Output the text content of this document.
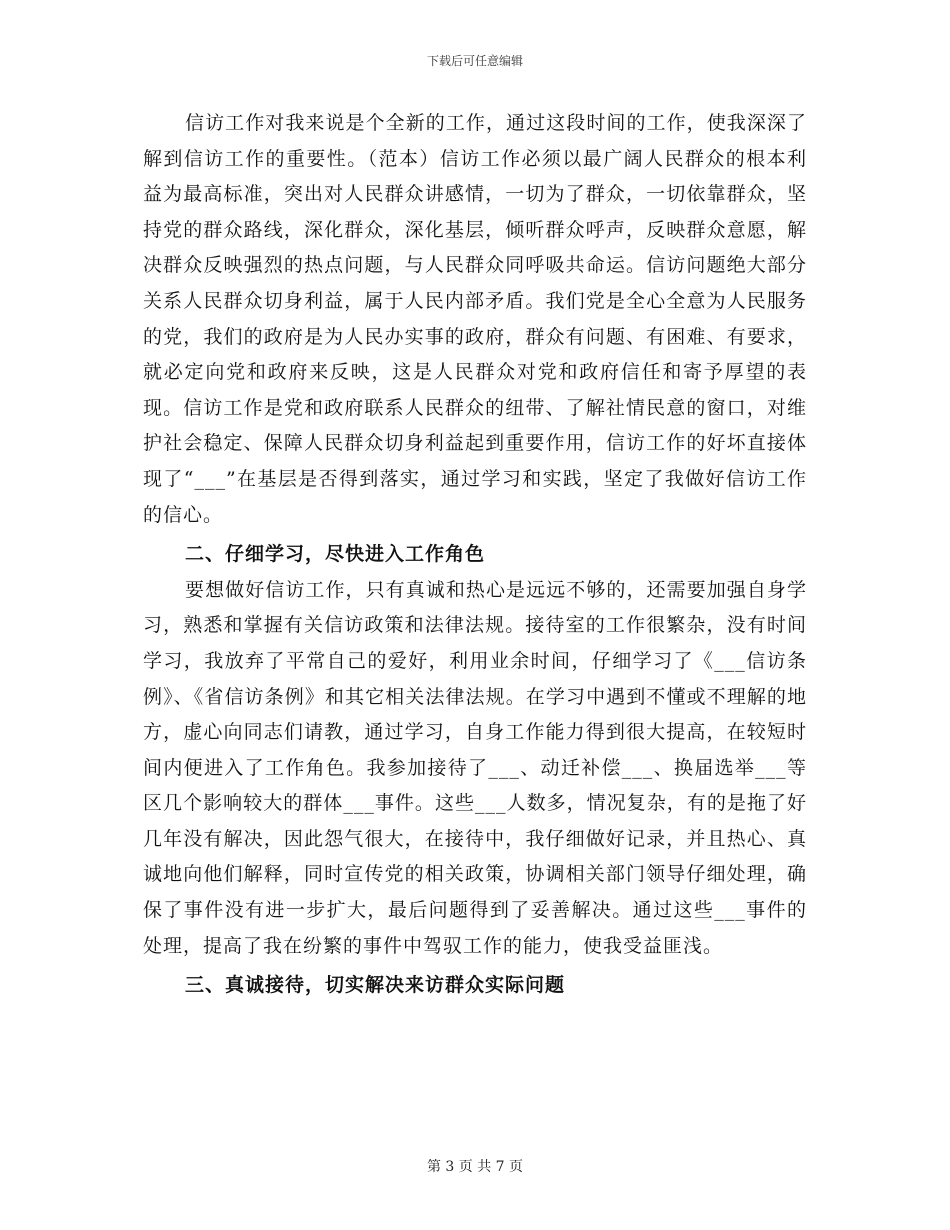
下载后可任意编辑

信访工作对我来说是个全新的工作，通过这段时间的工作，使我深深了解到信访工作的重要性。（范本）信访工作必须以最广阔人民群众的根本利益为最高标准，突出对人民群众讲感情，一切为了群众，一切依靠群众，坚持党的群众路线，深化群众，深化基层，倾听群众呼声，反映群众意愿，解决群众反映强烈的热点问题，与人民群众同呼吸共命运。信访问题绝大部分关系人民群众切身利益，属于人民内部矛盾。我们党是全心全意为人民服务的党，我们的政府是为人民办实事的政府，群众有问题、有困难、有要求，就必定向党和政府来反映，这是人民群众对党和政府信任和寄予厚望的表现。信访工作是党和政府联系人民群众的纽带、了解社情民意的窗口，对维护社会稳定、保障人民群众切身利益起到重要作用，信访工作的好坏直接体现了“___”在基层是否得到落实，通过学习和实践，坚定了我做好信访工作的信心。

二、仔细学习，尽快进入工作角色

要想做好信访工作，只有真诚和热心是远远不够的，还需要加强自身学习，熟悉和掌握有关信访政策和法律法规。接待室的工作很繁杂，没有时间学习，我放弃了平常自己的爱好，利用业余时间，仔细学习了《___信访条例》、《省信访条例》和其它相关法律法规。在学习中遇到不懂或不理解的地方，虚心向同志们请教，通过学习，自身工作能力得到很大提高，在较短时间内便进入了工作角色。我参加接待了___、动迁补偿___、换届选举___等区几个影响较大的群体___事件。这些___人数多，情况复杂，有的是拖了好几年没有解决，因此怨气很大，在接待中，我仔细做好记录，并且热心、真诚地向他们解释，同时宣传党的相关政策，协调相关部门领导仔细处理，确保了事件没有进一步扩大，最后问题得到了妥善解决。通过这些___事件的处理，提高了我在纷繁的事件中驾驭工作的能力，使我受益匪浅。

三、真诚接待，切实解决来访群众实际问题

第 3 页 共 7 页
